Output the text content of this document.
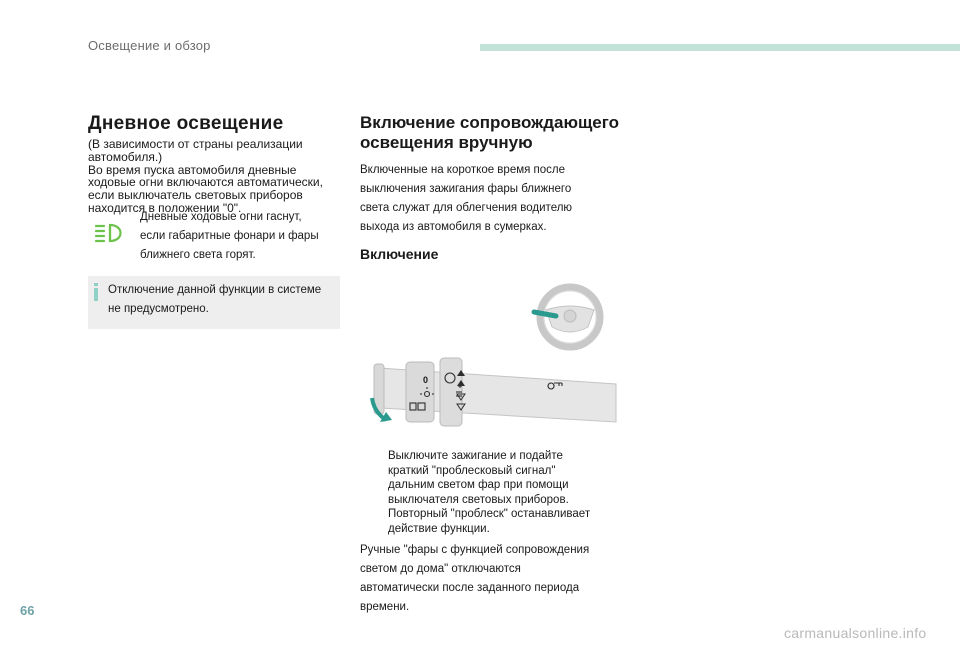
Освещение и обзор
Дневное освещение
(В зависимости от страны реализации
автомобиля.)
Во время пуска автомобиля дневные
ходовые огни включаются автоматически,
если выключатель световых приборов
находится в положении "0".
Дневные ходовые огни гаснут,
если габаритные фонари и фары
ближнего света горят.
Отключение данной функции в системе
не предусмотрено.
Включение сопровождающего
освещения вручную
Включенные на короткое время после
выключения зажигания фары ближнего
света служат для облегчения водителю
выхода из автомобиля в сумерках.
Включение
0
Выключите зажигание и подайте
краткий "проблесковый сигнал"
дальним светом фар при помощи
выключателя световых приборов.
Повторный "проблеск" останавливает
действие функции.
Ручные "фары с функцией сопровождения
светом до дома" отключаются
автоматически после заданного периода
времени.
66
carmanualsonline.info
